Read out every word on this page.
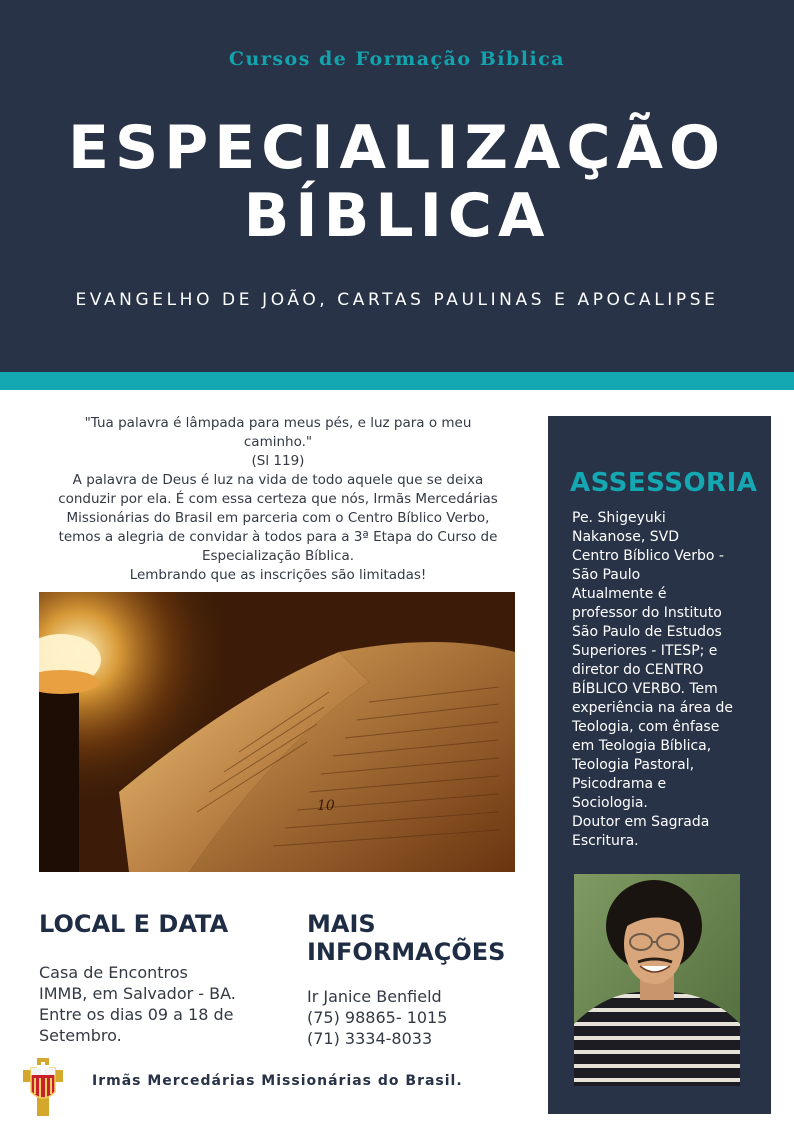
Cursos de Formação Bíblica
ESPECIALIZAÇÃO
BÍBLICA
EVANGELHO DE JOÃO, CARTAS PAULINAS E APOCALIPSE

"Tua palavra é lâmpada para meus pés, e luz para o meu

caminho."

(Sl 119)

A palavra de Deus é luz na vida de todo aquele que se deixa

conduzir por ela. É com essa certeza que nós, Irmãs Mercedárias

Missionárias do Brasil em parceria com o Centro Bíblico Verbo,

temos a alegria de convidar à todos para a 3ª Etapa do Curso de

Especialização Bíblica.

Lembrando que as inscrições são limitadas!

10
LOCAL E DATA
Casa de Encontros
IMMB, em Salvador - BA.
Entre os dias 09 a 18 de
Setembro.
MAIS
INFORMAÇÕES
Ir Janice Benfield
(75) 98865- 1015
(71) 3334-8033
Irmãs Mercedárias Missionárias do Brasil.
ASSESSORIA
Pe. Shigeyuki
Nakanose, SVD
Centro Bíblico Verbo -
São Paulo
Atualmente é
professor do Instituto
São Paulo de Estudos
Superiores - ITESP; e
diretor do CENTRO
BÍBLICO VERBO. Tem
experiência na área de
Teologia, com ênfase
em Teologia Bíblica,
Teologia Pastoral,
Psicodrama e
Sociologia.
Doutor em Sagrada
Escritura.
